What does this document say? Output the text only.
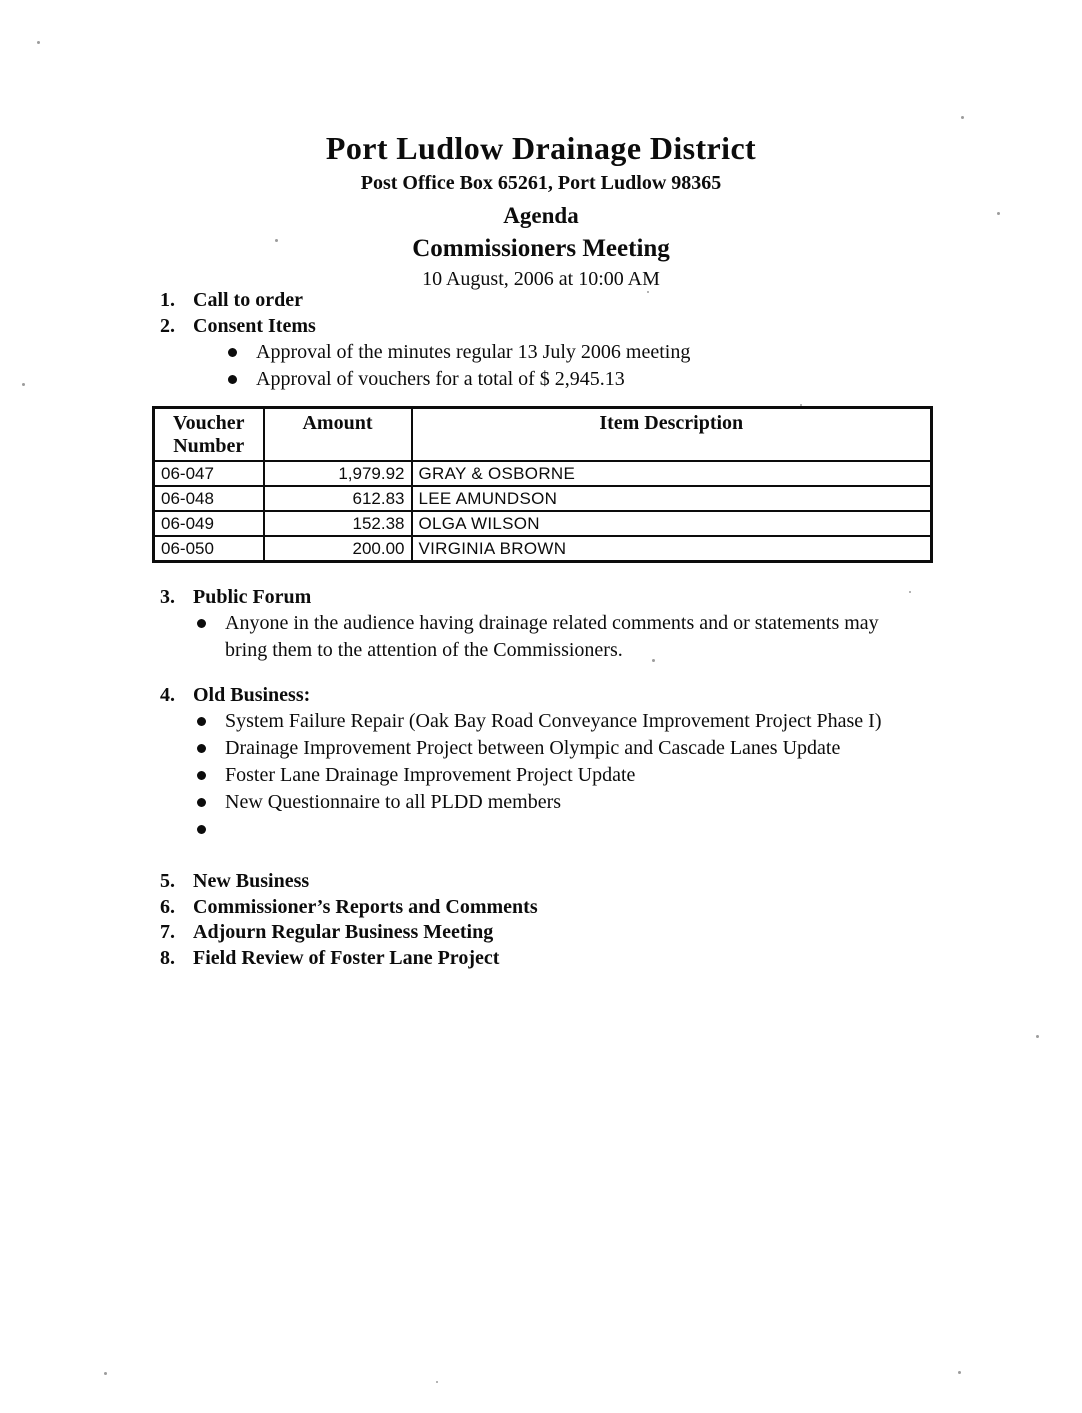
Port Ludlow Drainage District
Post Office Box 65261, Port Ludlow 98365
Agenda
Commissioners Meeting
10 August, 2006 at 10:00 AM
1. Call to order
2. Consent Items
Approval of the minutes regular 13 July 2006 meeting
Approval of vouchers for a total of $ 2,945.13
Voucher Number	Amount	Item Description
06-047	1,979.92	GRAY & OSBORNE
06-048	612.83	LEE AMUNDSON
06-049	152.38	OLGA WILSON
06-050	200.00	VIRGINIA BROWN
3. Public Forum
Anyone in the audience having drainage related comments and or statements may bring them to the attention of the Commissioners.
4. Old Business:
System Failure Repair (Oak Bay Road Conveyance Improvement Project Phase I)
Drainage Improvement Project between Olympic and Cascade Lanes Update
Foster Lane Drainage Improvement Project Update
New Questionnaire to all PLDD members
5. New Business
6. Commissioner’s Reports and Comments
7. Adjourn Regular Business Meeting
8. Field Review of Foster Lane Project
